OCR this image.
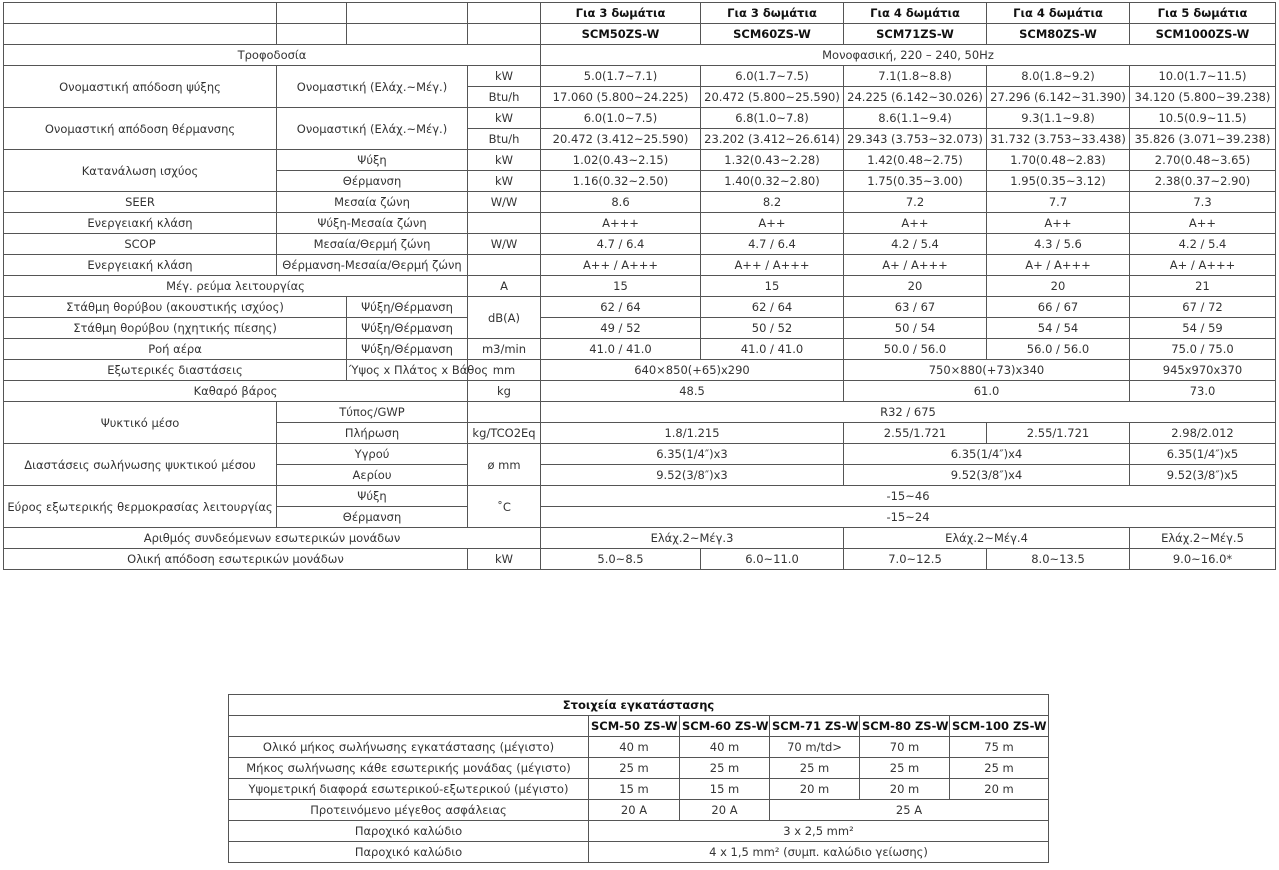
				Για 3 δωμάτια	Για 3 δωμάτια	Για 4 δωμάτια	Για 4 δωμάτια	Για 5 δωμάτια
				SCM50ZS-W	SCM60ZS-W	SCM71ZS-W	SCM80ZS-W	SCM1000ZS-W
Τροφοδοσία				Μονοφασική, 220 – 240, 50Hz				
Ονομαστική απόδοση ψύξης	Ονομαστική (Ελάχ.~Μέγ.)		kW	5.0(1.7~7.1)	6.0(1.7~7.5)	7.1(1.8~8.8)	8.0(1.8~9.2)	10.0(1.7~11.5)
			Btu/h	17.060 (5.800~24.225)	20.472 (5.800~25.590)	24.225 (6.142~30.026)	27.296 (6.142~31.390)	34.120 (5.800~39.238)
Ονομαστική απόδοση θέρμανσης	Ονομαστική (Ελάχ.~Μέγ.)		kW	6.0(1.0~7.5)	6.8(1.0~7.8)	8.6(1.1~9.4)	9.3(1.1~9.8)	10.5(0.9~11.5)
			Btu/h	20.472 (3.412~25.590)	23.202 (3.412~26.614)	29.343 (3.753~32.073)	31.732 (3.753~33.438)	35.826 (3.071~39.238)
Κατανάλωση ισχύος	Ψύξη		kW	1.02(0.43~2.15)	1.32(0.43~2.28)	1.42(0.48~2.75)	1.70(0.48~2.83)	2.70(0.48~3.65)
	Θέρμανση		kW	1.16(0.32~2.50)	1.40(0.32~2.80)	1.75(0.35~3.00)	1.95(0.35~3.12)	2.38(0.37~2.90)
SEER	Μεσαία ζώνη		W/W	8.6	8.2	7.2	7.7	7.3
Ενεργειακή κλάση	Ψύξη-Μεσαία ζώνη			A+++	A++	A++	A++	A++
SCOP	Μεσαία/Θερμή ζώνη		W/W	4.7 / 6.4	4.7 / 6.4	4.2 / 5.4	4.3 / 5.6	4.2 / 5.4
Ενεργειακή κλάση	Θέρμανση-Μεσαία/Θερμή ζώνη			A++ / A+++	A++ / A+++	A+ / A+++	A+ / A+++	A+ / A+++
Μέγ. ρεύμα λειτουργίας			A	15	15	20	20	21
Στάθμη θορύβου (ακουστικής ισχύος)		Ψύξη/Θέρμανση	dB(A)	62 / 64	62 / 64	63 / 67	66 / 67	67 / 72
Στάθμη θορύβου (ηχητικής πίεσης)		Ψύξη/Θέρμανση		49 / 52	50 / 52	50 / 54	54 / 54	54 / 59
Ροή αέρα		Ψύξη/Θέρμανση	m3/min	41.0 / 41.0	41.0 / 41.0	50.0 / 56.0	56.0 / 56.0	75.0 / 75.0
Εξωτερικές διαστάσεις		Ύψος x Πλάτος x Βάθος	mm	640×850(+65)x290		750×880(+73)x340		945x970x370
Καθαρό βάρος			kg	48.5		61.0		73.0
Ψυκτικό μέσο	Τύπος/GWP			R32 / 675				
	Πλήρωση		kg/TCO2Eq	1.8/1.215		2.55/1.721	2.55/1.721	2.98/2.012
Διαστάσεις σωλήνωσης ψυκτικού μέσου	Υγρού		ø mm	6.35(1/4″)x3		6.35(1/4″)x4		6.35(1/4″)x5
	Αερίου			9.52(3/8″)x3		9.52(3/8″)x4		9.52(3/8″)x5
Εύρος εξωτερικής θερμοκρασίας λειτουργίας	Ψύξη		˚C	-15~46				
	Θέρμανση			-15~24				
Αριθμός συνδεόμενων εσωτερικών μονάδων				Ελάχ.2~Μέγ.3		Ελάχ.2~Μέγ.4		Ελάχ.2~Μέγ.5
Ολική απόδοση εσωτερικών μονάδων			kW	5.0~8.5	6.0~11.0	7.0~12.5	8.0~13.5	9.0~16.0*
Στοιχεία εγκατάστασης					
	SCM-50 ZS-W	SCM-60 ZS-W	SCM-71 ZS-W	SCM-80 ZS-W	SCM-100 ZS-W
Ολικό μήκος σωλήνωσης εγκατάστασης (μέγιστο)	40 m	40 m	70 m/td>	70 m	75 m
Μήκος σωλήνωσης κάθε εσωτερικής μονάδας (μέγιστο)	25 m	25 m	25 m	25 m	25 m
Υψομετρική διαφορά εσωτερικού-εξωτερικού (μέγιστο)	15 m	15 m	20 m	20 m	20 m
Προτεινόμενο μέγεθος ασφάλειας	20 A	20 A	25 A		
Παροχικό καλώδιο	3 x 2,5 mm²				
Παροχικό καλώδιο	4 x 1,5 mm² (συμπ. καλώδιο γείωσης)				
